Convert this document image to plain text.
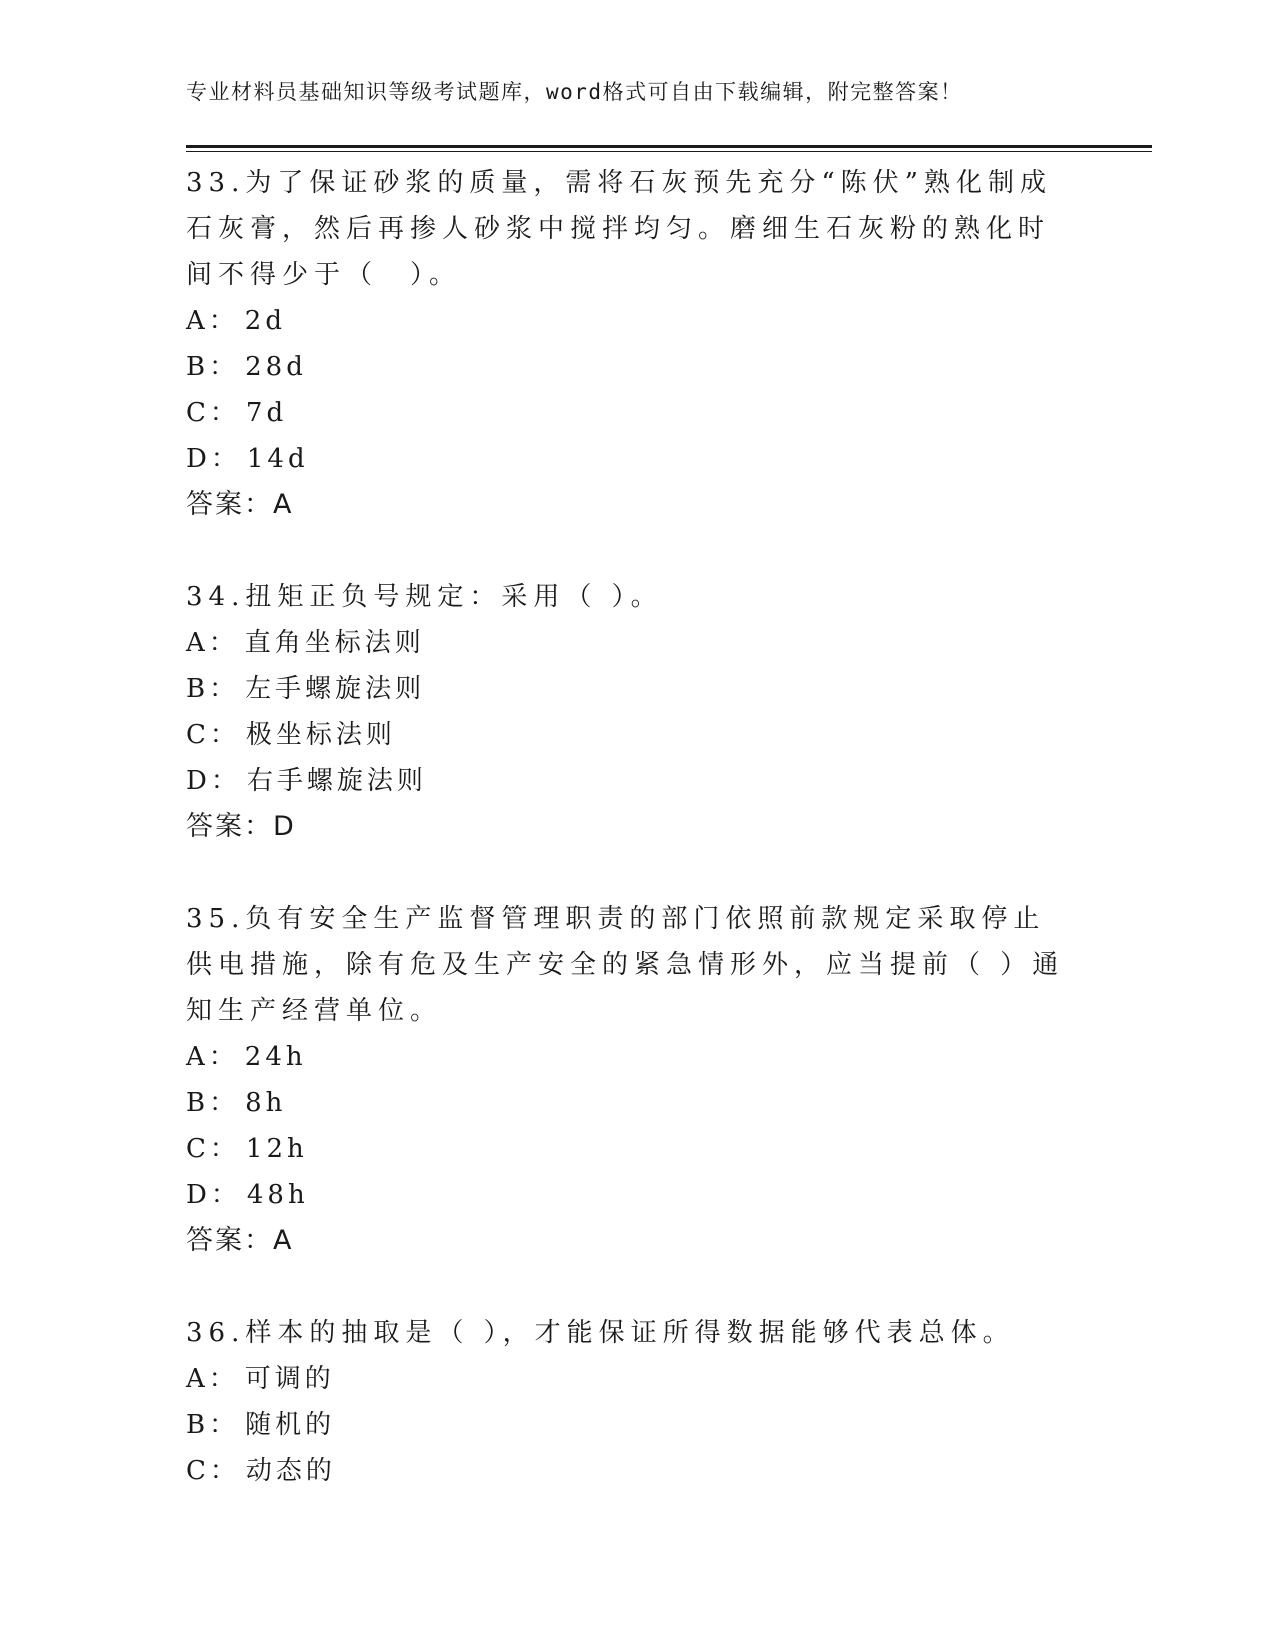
专业材料员基础知识等级考试题库，word格式可自由下载编辑，附完整答案！
33.为了保证砂浆的质量，需将石灰预先充分“陈伏”熟化制成石灰膏，然后再掺人砂浆中搅拌均匀。磨细生石灰粉的熟化时间不得少于（　）。
A： 2d
B： 28d
C： 7d
D： 14d
答案：A
34.扭矩正负号规定：采用（ ）。
A： 直角坐标法则
B： 左手螺旋法则
C： 极坐标法则
D： 右手螺旋法则
答案：D
35.负有安全生产监督管理职责的部门依照前款规定采取停止供电措施，除有危及生产安全的紧急情形外，应当提前（ ）通知生产经营单位。
A： 24h
B： 8h
C： 12h
D： 48h
答案：A
36.样本的抽取是（ ），才能保证所得数据能够代表总体。
A： 可调的
B： 随机的
C： 动态的
